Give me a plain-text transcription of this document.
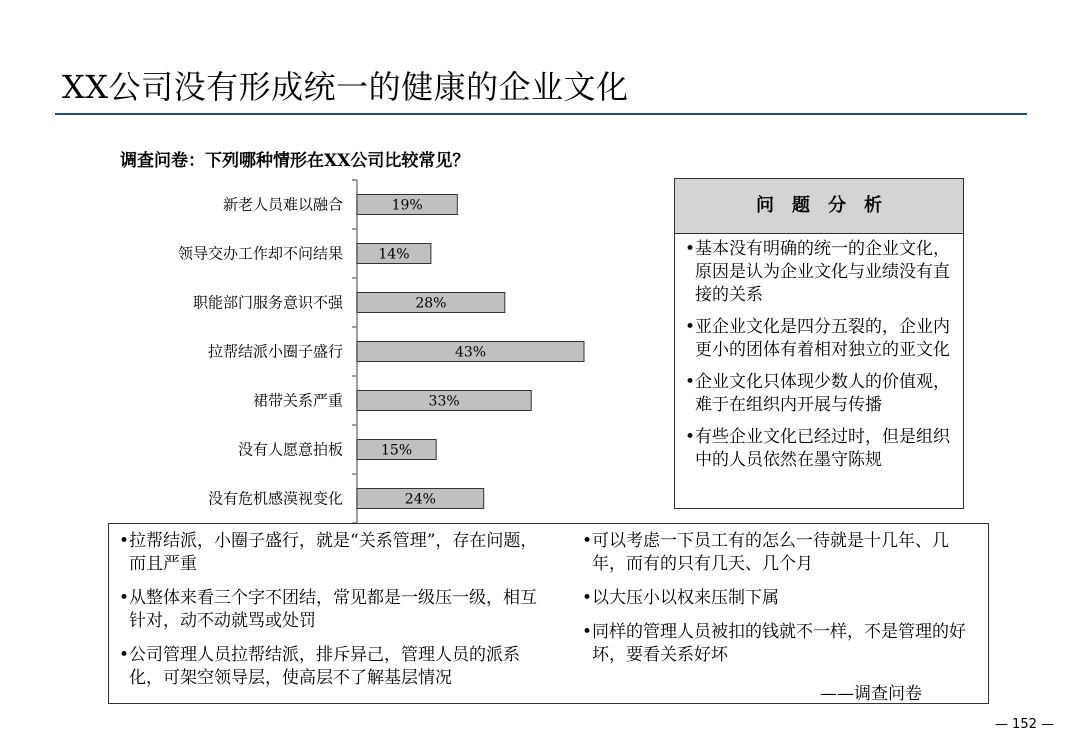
XX公司没有形成统一的健康的企业文化
调查问卷：下列哪种情形在XX公司比较常见？
新老人员难以融合	19%
领导交办工作却不问结果	14%
职能部门服务意识不强	28%
拉帮结派小圈子盛行	43%
裙带关系严重	33%
没有人愿意拍板	15%
没有危机感漠视变化	24%
问题分析
•基本没有明确的统一的企业文化，原因是认为企业文化与业绩没有直接的关系
•亚企业文化是四分五裂的，企业内更小的团体有着相对独立的亚文化
•企业文化只体现少数人的价值观，难于在组织内开展与传播
•有些企业文化已经过时，但是组织中的人员依然在墨守陈规
•拉帮结派，小圈子盛行，就是“关系管理”，存在问题，而且严重
•从整体来看三个字不团结，常见都是一级压一级，相互针对，动不动就骂或处罚
•公司管理人员拉帮结派，排斥异己，管理人员的派系化，可架空领导层，使高层不了解基层情况
•可以考虑一下员工有的怎么一待就是十几年、几年，而有的只有几天、几个月
•以大压小以权来压制下属
•同样的管理人员被扣的钱就不一样，不是管理的好坏，要看关系好坏
——调查问卷
— 152 —
